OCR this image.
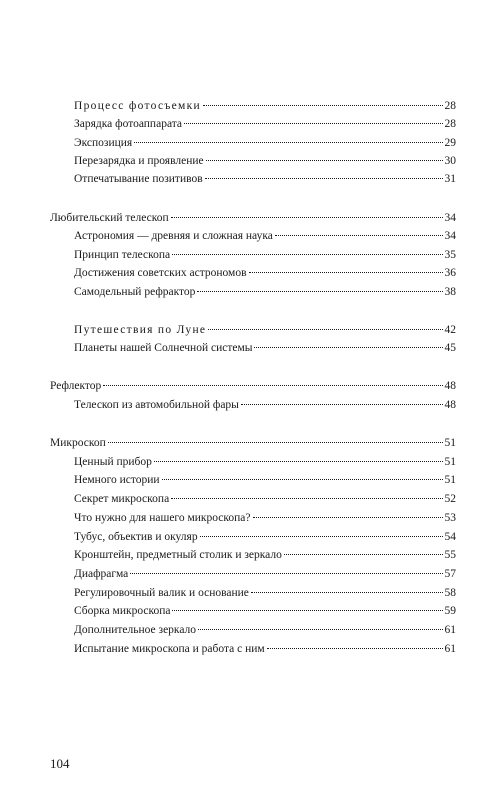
Процесс фотосъемки	28
Зарядка фотоаппарата	28
Экспозиция	29
Перезарядка и проявление	30
Отпечатывание позитивов	31
Любительский телескоп	34
Астрономия — древняя и сложная наука	34
Принцип телескопа	35
Достижения советских астрономов	36
Самодельный рефрактор	38
Путешествия по Луне	42
Планеты нашей Солнечной системы	45
Рефлектор	48
Телескоп из автомобильной фары	48
Микроскоп	51
Ценный прибор	51
Немного истории	51
Секрет микроскопа	52
Что нужно для нашего микроскопа?	53
Тубус, объектив и окуляр	54
Кронштейн, предметный столик и зеркало	55
Диафрагма	57
Регулировочный валик и основание	58
Сборка микроскопа	59
Дополнительное зеркало	61
Испытание микроскопа и работа с ним	61
104
